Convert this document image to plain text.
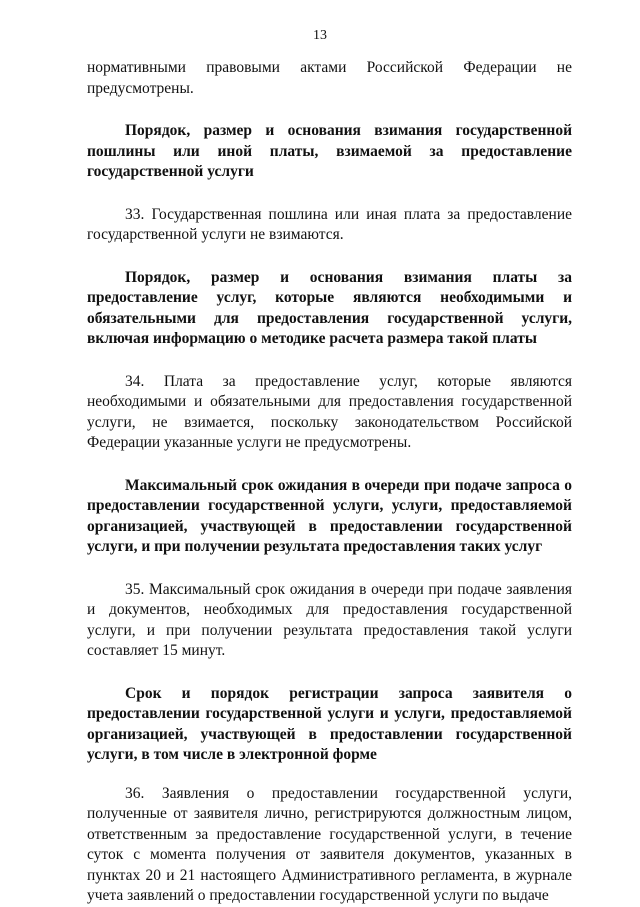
13

нормативными правовыми актами Российской Федерации не предусмотрены.

Порядок, размер и основания взимания государственной пошлины или иной платы, взимаемой за предоставление государственной услуги

33. Государственная пошлина или иная плата за предоставление государственной услуги не взимаются.

Порядок, размер и основания взимания платы за предоставление услуг, которые являются необходимыми и обязательными для предоставления государственной услуги, включая информацию о методике расчета размера такой платы

34. Плата за предоставление услуг, которые являются необходимыми и обязательными для предоставления государственной услуги, не взимается, поскольку законодательством Российской Федерации указанные услуги не предусмотрены.

Максимальный срок ожидания в очереди при подаче запроса о предоставлении государственной услуги, услуги, предоставляемой организацией, участвующей в предоставлении государственной услуги, и при получении результата предоставления таких услуг

35. Максимальный срок ожидания в очереди при подаче заявления и документов, необходимых для предоставления государственной услуги, и при получении результата предоставления такой услуги составляет 15 минут.

Срок и порядок регистрации запроса заявителя о предоставлении государственной услуги и услуги, предоставляемой организацией, участвующей в предоставлении государственной услуги, в том числе в электронной форме

36. Заявления о предоставлении государственной услуги, полученные от заявителя лично, регистрируются должностным лицом, ответственным за предоставление государственной услуги, в течение суток с момента получения от заявителя документов, указанных в пунктах 20 и 21 настоящего Административного регламента, в журнале учета заявлений о предоставлении государственной услуги по выдаче
